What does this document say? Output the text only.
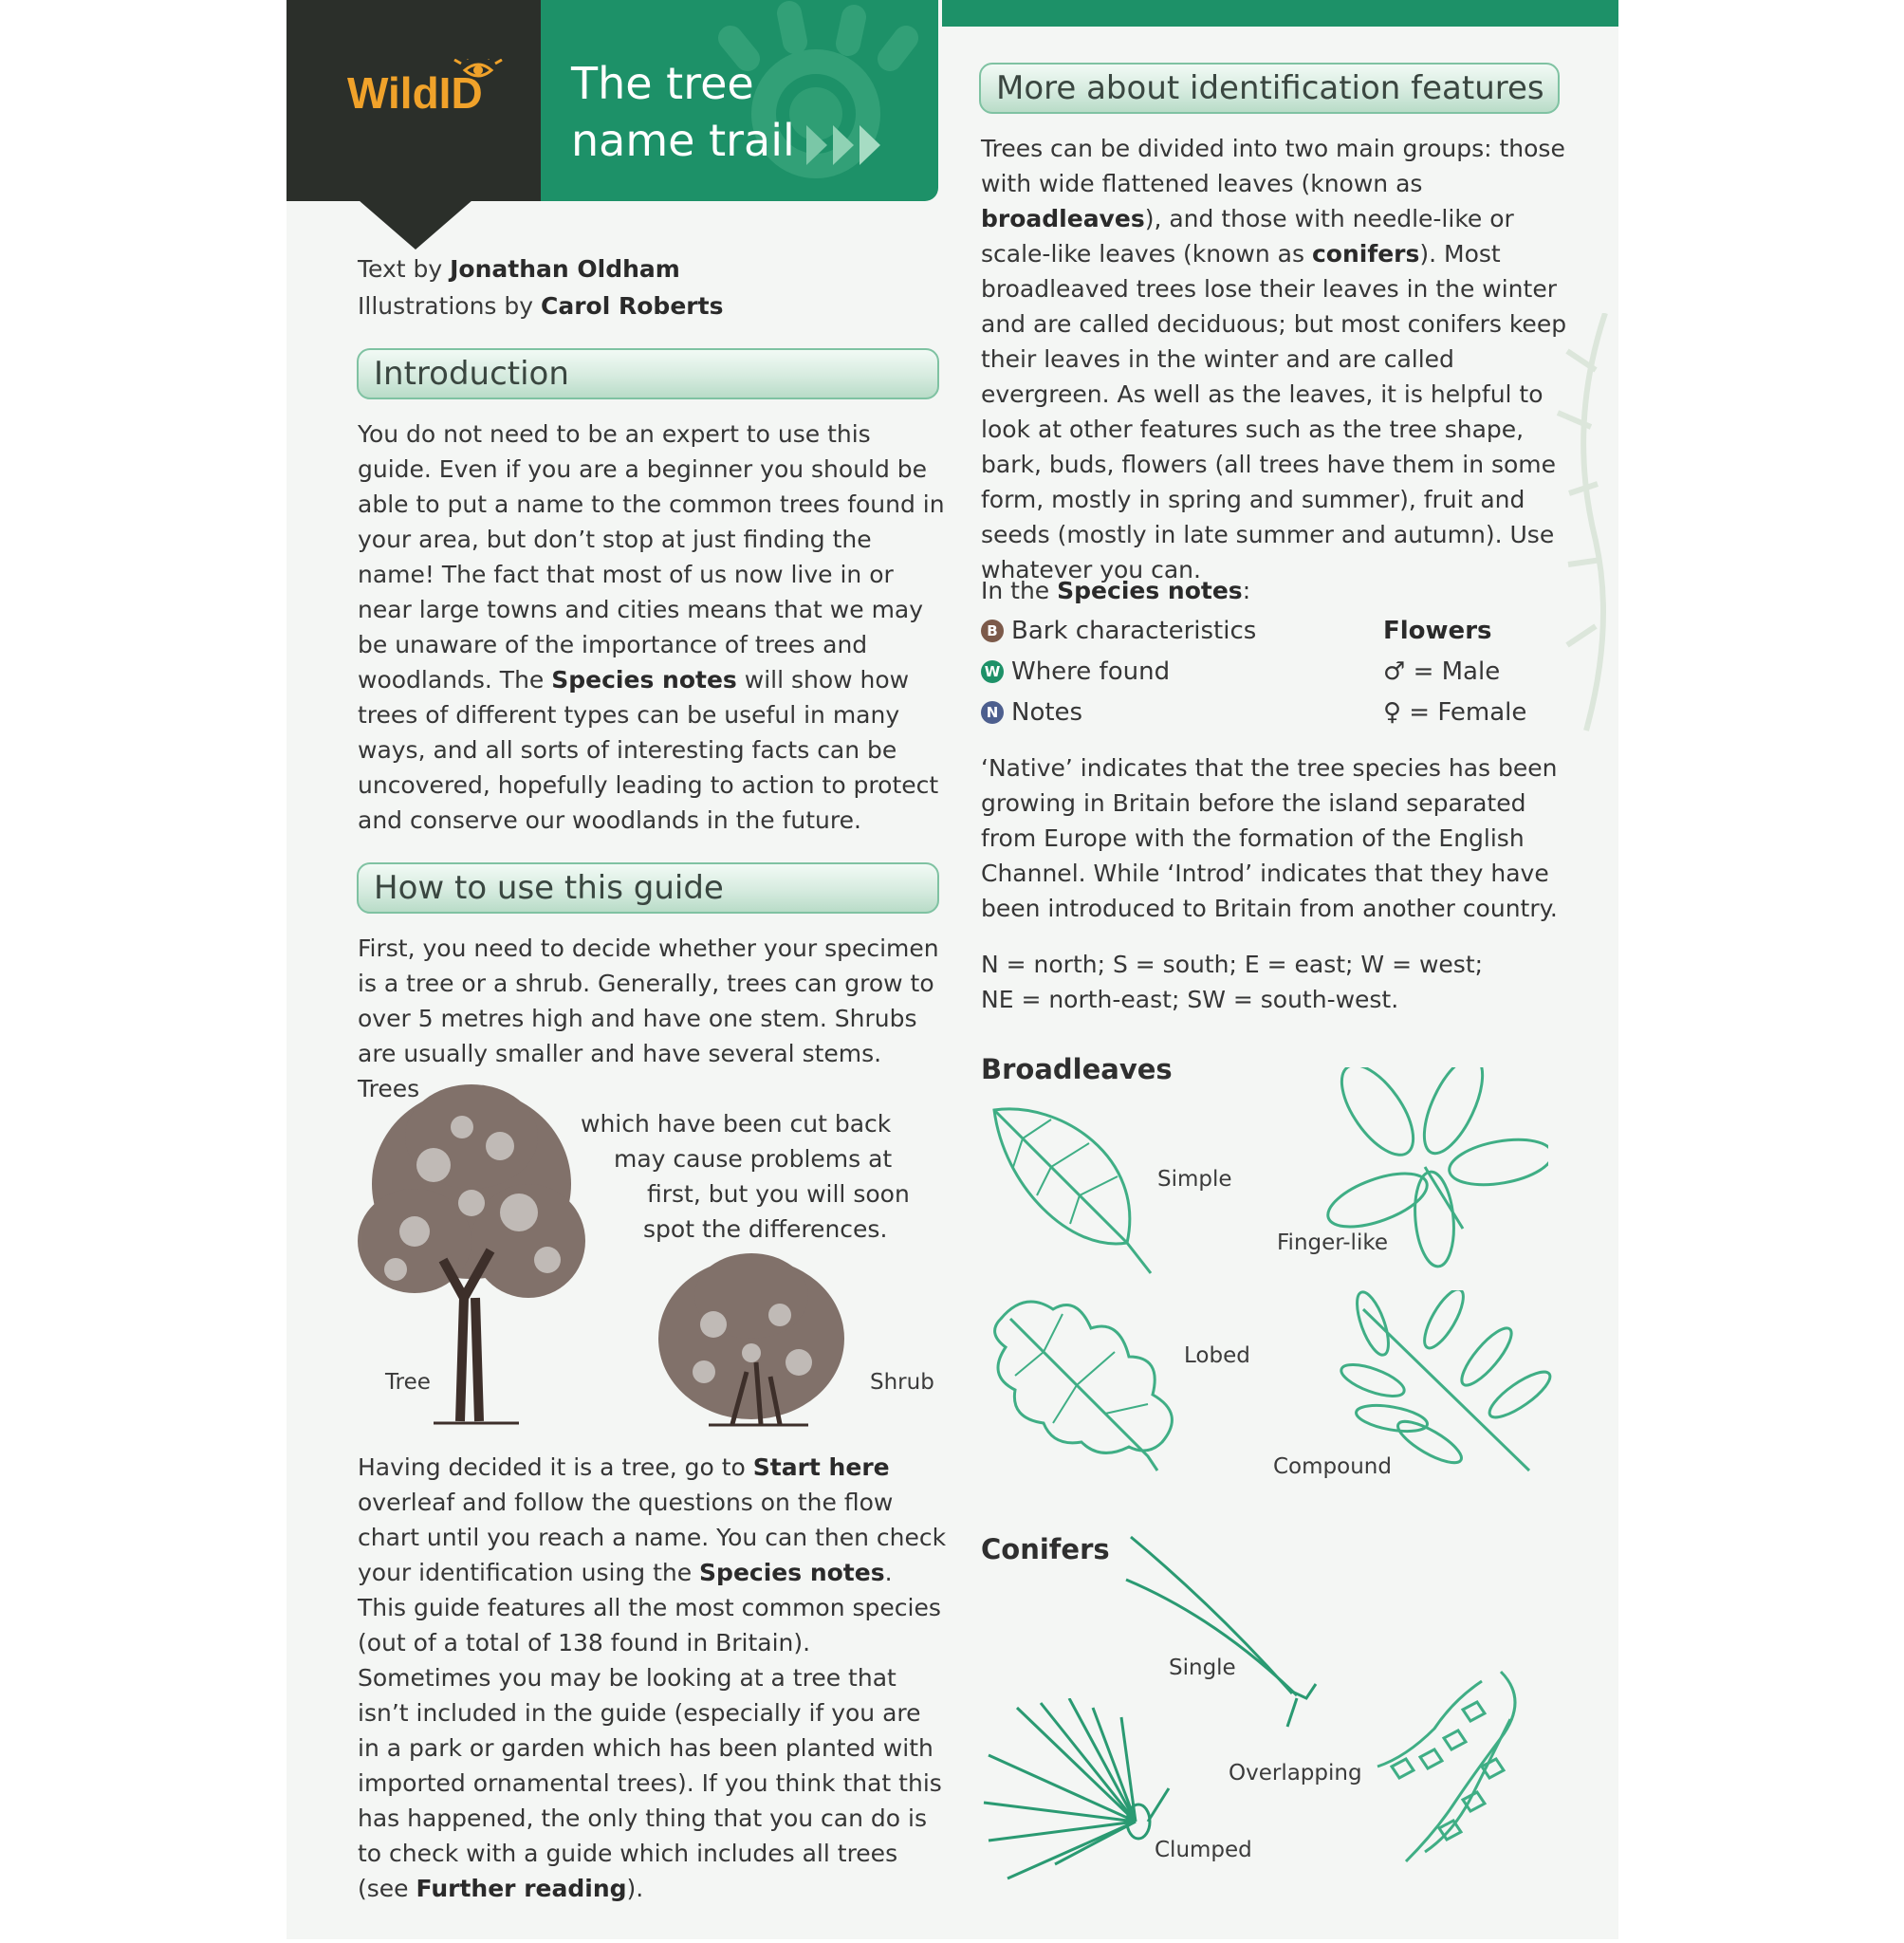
WildID The tree
name trail
Text by Jonathan Oldham
Illustrations by Carol Roberts
Introduction

You do not need to be an expert to use this guide. Even if you are a beginner you should be able to put a name to the common trees found in your area, but don’t stop at just finding the name! The fact that most of us now live in or near large towns and cities means that we may be unaware of the importance of trees and woodlands. The Species notes will show how trees of different types can be useful in many ways, and all sorts of interesting facts can be uncovered, hopefully leading to action to protect and conserve our woodlands in the future.

How to use this guide

First, you need to decide whether your specimen is a tree or a shrub. Generally, trees can grow to over 5 metres high and have one stem. Shrubs are usually smaller and have several stems. Trees

which have been cut back

may cause problems at

first, but you will soon

spot the differences.

Tree	Shrub

Having decided it is a tree, go to Start here overleaf and follow the questions on the flow chart until you reach a name. You can then check your identification using the Species notes. This guide features all the most common species (out of a total of 138 found in Britain). Sometimes you may be looking at a tree that isn’t included in the guide (especially if you are in a park or garden which has been planted with imported ornamental trees). If you think that this has happened, the only thing that you can do is to check with a guide which includes all trees (see Further reading).

More about identification features

Trees can be divided into two main groups: those with wide flattened leaves (known as broadleaves), and those with needle-like or scale-like leaves (known as conifers). Most broadleaved trees lose their leaves in the winter and are called deciduous; but most conifers keep their leaves in the winter and are called evergreen. As well as the leaves, it is helpful to look at other features such as the tree shape, bark, buds, flowers (all trees have them in some form, mostly in spring and summer), fruit and seeds (mostly in late summer and autumn). Use whatever you can.

In the Species notes:
B Bark characteristics
W Where found
N Notes
Flowers
♂ = Male
♀ = Female
‘Native’ indicates that the tree species has been growing in Britain before the island separated from Europe with the formation of the English Channel. While ‘Introd’ indicates that they have been introduced to Britain from another country.
N = north; S = south; E = east; W = west;
NE = north-east; SW = south-west.
Broadleaves
Simple
Finger-like
Lobed
Compound
Conifers
Single
Overlapping
Clumped
